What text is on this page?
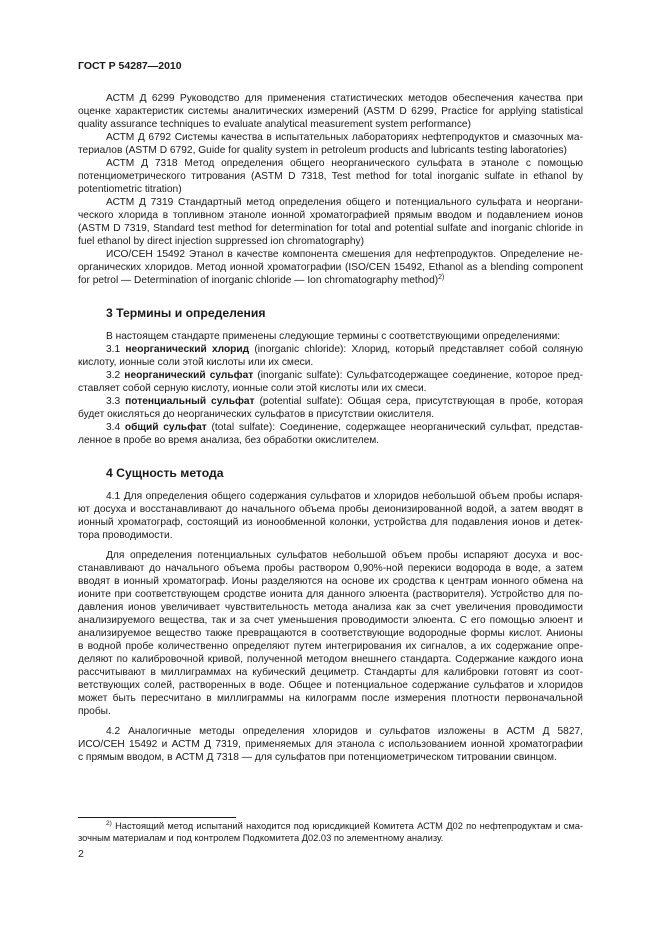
ГОСТ Р 54287—2010
АСТМ Д 6299 Руководство для применения статистических методов обеспечения качества при
оценке характеристик системы аналитических измерений (ASTM D 6299, Practice for applying statistical
quality assurance techniques to evaluate analytical measurement system performance)
АСТМ Д 6792 Системы качества в испытательных лабораториях нефтепродуктов и смазочных ма-
териалов (ASTM D 6792, Guide for quality system in petroleum products and lubricants testing laboratories)
АСТМ Д 7318 Метод определения общего неорганического сульфата в этаноле с помощью
потенциометрического титрования (ASTM D 7318, Test method for total inorganic sulfate in ethanol by
potentiometric titration)
АСТМ Д 7319 Стандартный метод определения общего и потенциального сульфата и неоргани-
ческого хлорида в топливном этаноле ионной хроматографией прямым вводом и подавлением ионов
(ASTM D 7319, Standard test method for determination for total and potential sulfate and inorganic chloride in
fuel ethanol by direct injection suppressed ion chromatography)
ИСО/СЕН 15492 Этанол в качестве компонента смешения для нефтепродуктов. Определение не-
органических хлоридов. Метод ионной хроматографии (ISO/CEN 15492, Ethanol as a blending component
for petrol — Determination of inorganic chloride — Ion chromatography method)$^{2)}$
3 Термины и определения
В настоящем стандарте применены следующие термины с соответствующими определениями:
3.1 неорганический хлорид (inorganic chloride): Хлорид, который представляет собой соляную
кислоту, ионные соли этой кислоты или их смеси.
3.2 неорганический сульфат (inorganic sulfate): Сульфатсодержащее соединение, которое пред-
ставляет собой серную кислоту, ионные соли этой кислоты или их смеси.
3.3 потенциальный сульфат (potential sulfate): Общая сера, присутствующая в пробе, которая
будет окисляться до неорганических сульфатов в присутствии окислителя.
3.4 общий сульфат (total sulfate): Соединение, содержащее неорганический сульфат, представ-
ленное в пробе во время анализа, без обработки окислителем.
4 Сущность метода
4.1 Для определения общего содержания сульфатов и хлоридов небольшой объем пробы испаря-
ют досуха и восстанавливают до начального объема пробы деионизированной водой, а затем вводят в
ионный хроматограф, состоящий из ионообменной колонки, устройства для подавления ионов и детек-
тора проводимости.
Для определения потенциальных сульфатов небольшой объем пробы испаряют досуха и вос-
станавливают до начального объема пробы раствором 0,90%-ной перекиси водорода в воде, а затем
вводят в ионный хроматограф. Ионы разделяются на основе их сродства к центрам ионного обмена на
ионите при соответствующем сродстве ионита для данного элюента (растворителя). Устройство для по-
давления ионов увеличивает чувствительность метода анализа как за счет увеличения проводимости
анализируемого вещества, так и за счет уменьшения проводимости элюента. С его помощью элюент и
анализируемое вещество также превращаются в соответствующие водородные формы кислот. Анионы
в водной пробе количественно определяют путем интегрирования их сигналов, а их содержание опре-
деляют по калибровочной кривой, полученной методом внешнего стандарта. Содержание каждого иона
рассчитывают в миллиграммах на кубический дециметр. Стандарты для калибровки готовят из соот-
ветствующих солей, растворенных в воде. Общее и потенциальное содержание сульфатов и хлоридов
может быть пересчитано в миллиграммы на килограмм после измерения плотности первоначальной
пробы.
4.2 Аналогичные методы определения хлоридов и сульфатов изложены в АСТМ Д 5827,
ИСО/СЕН 15492 и АСТМ Д 7319, применяемых для этанола с использованием ионной хроматографии
с прямым вводом, в АСТМ Д 7318 — для сульфатов при потенциометрическом титровании свинцом.
$^{2)}$ Настоящий метод испытаний находится под юрисдикцией Комитета АСТМ Д02 по нефтепродуктам и сма-
зочным материалам и под контролем Подкомитета Д02.03 по элементному анализу.
2
